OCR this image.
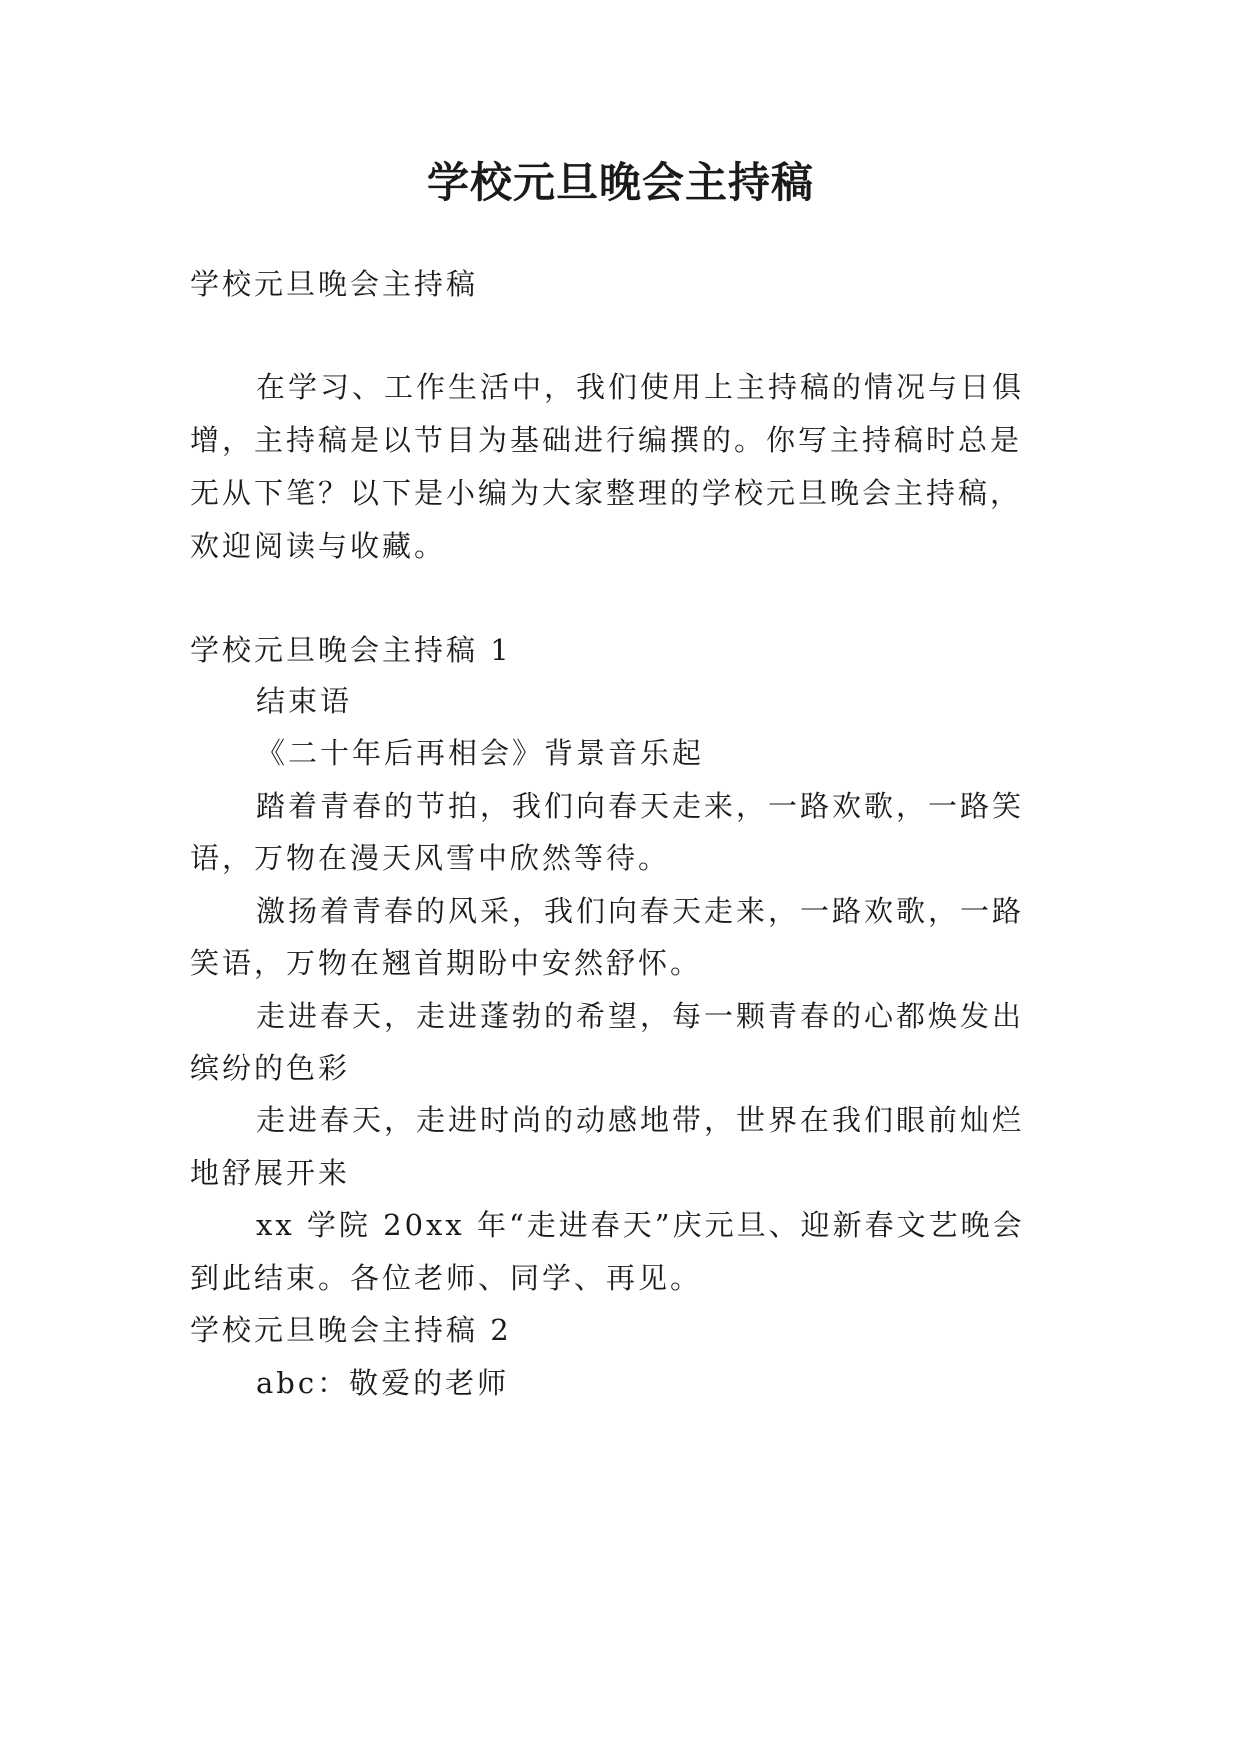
学校元旦晚会主持稿
学校元旦晚会主持稿
在学习、工作生活中，我们使用上主持稿的情况与日俱
增，主持稿是以节目为基础进行编撰的。你写主持稿时总是
无从下笔？以下是小编为大家整理的学校元旦晚会主持稿，
欢迎阅读与收藏。
学校元旦晚会主持稿 1
结束语
《二十年后再相会》背景音乐起
踏着青春的节拍，我们向春天走来，一路欢歌，一路笑
语，万物在漫天风雪中欣然等待。
激扬着青春的风采，我们向春天走来，一路欢歌，一路
笑语，万物在翘首期盼中安然舒怀。
走进春天，走进蓬勃的希望，每一颗青春的心都焕发出
缤纷的色彩
走进春天，走进时尚的动感地带，世界在我们眼前灿烂
地舒展开来
xx 学院 20xx 年“走进春天”庆元旦、迎新春文艺晚会
到此结束。各位老师、同学、再见。
学校元旦晚会主持稿 2
abc：敬爱的老师
